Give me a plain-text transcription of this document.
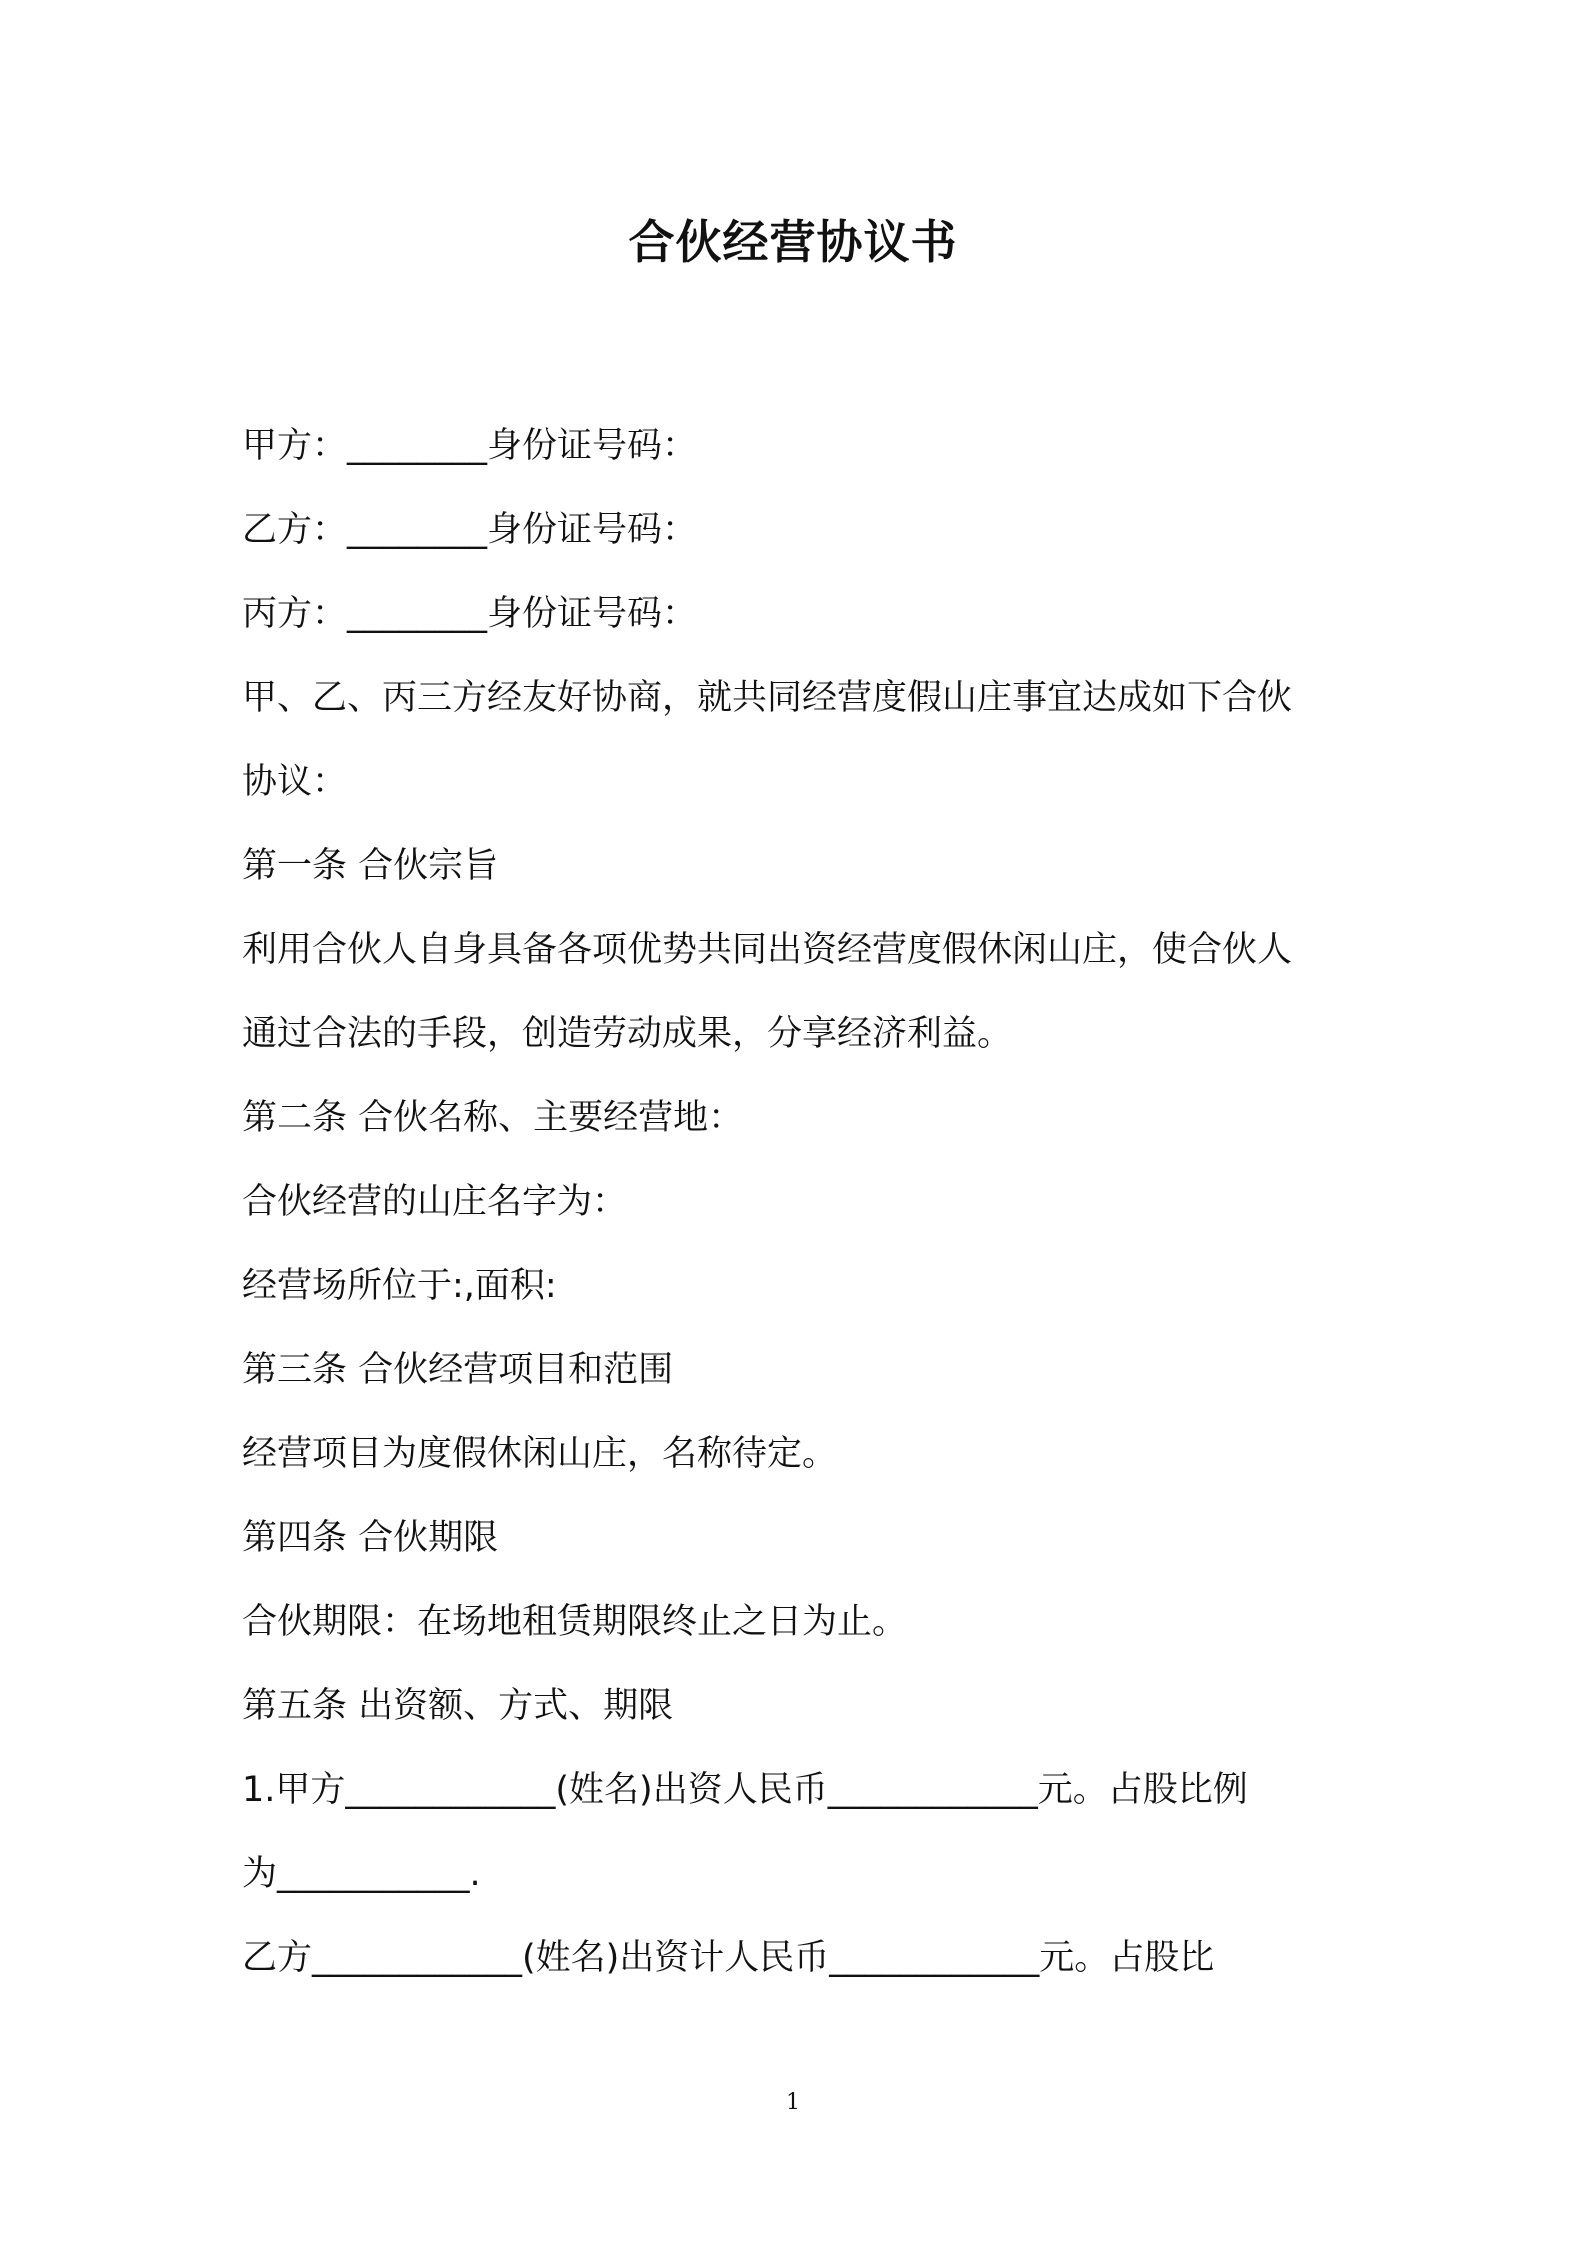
合伙经营协议书
甲方：________身份证号码：
乙方：________身份证号码：
丙方：________身份证号码：
甲、乙、丙三方经友好协商，就共同经营度假山庄事宜达成如下合伙
协议：
第一条 合伙宗旨
利用合伙人自身具备各项优势共同出资经营度假休闲山庄，使合伙人
通过合法的手段，创造劳动成果，分享经济利益。
第二条 合伙名称、主要经营地：
合伙经营的山庄名字为：
经营场所位于:,面积:
第三条 合伙经营项目和范围
经营项目为度假休闲山庄，名称待定。
第四条 合伙期限
合伙期限：在场地租赁期限终止之日为止。
第五条 出资额、方式、期限
1.甲方____________(姓名)出资人民币____________元。占股比例
为___________.
乙方____________(姓名)出资计人民币____________元。占股比
1
